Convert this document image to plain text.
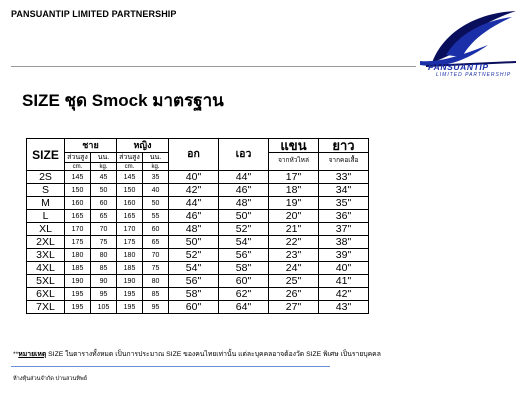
PANSUANTIP LIMITED PARTNERSHIP
PANSUANTIP
LIMITED PARTNERSHIP
SIZE ชุด Smock มาตรฐาน
SIZE	ชาย		หญิง		อก	เอว	แขน	ยาว
	ส่วนสูง	นน.	ส่วนสูง	นน.			จากหัวไหล่	จากคอเสื้อ
	cm.	kg.	cm.	kg.				
2S	145	45	145	35	40"	44"	17"	33"
S	150	50	150	40	42"	46"	18"	34"
M	160	60	160	50	44"	48"	19"	35"
L	165	65	165	55	46"	50"	20"	36"
XL	170	70	170	60	48"	52"	21"	37"
2XL	175	75	175	65	50"	54"	22"	38"
3XL	180	80	180	70	52"	56"	23"	39"
4XL	185	85	185	75	54"	58"	24"	40"
5XL	190	90	190	80	56"	60"	25"	41"
6XL	195	95	195	85	58"	62"	26"	42"
7XL	195	105	195	95	60"	64"	27"	43"
**หมายเหตุ SIZE ในตารางทั้งหมด เป็นการประมาณ SIZE ของคนไทยเท่านั้น แต่ละบุคคลอาจต้องวัด SIZE พิเศษ เป็นรายบุคคล
ห้างหุ้นส่วนจำกัด ปานสวนทิพย์
